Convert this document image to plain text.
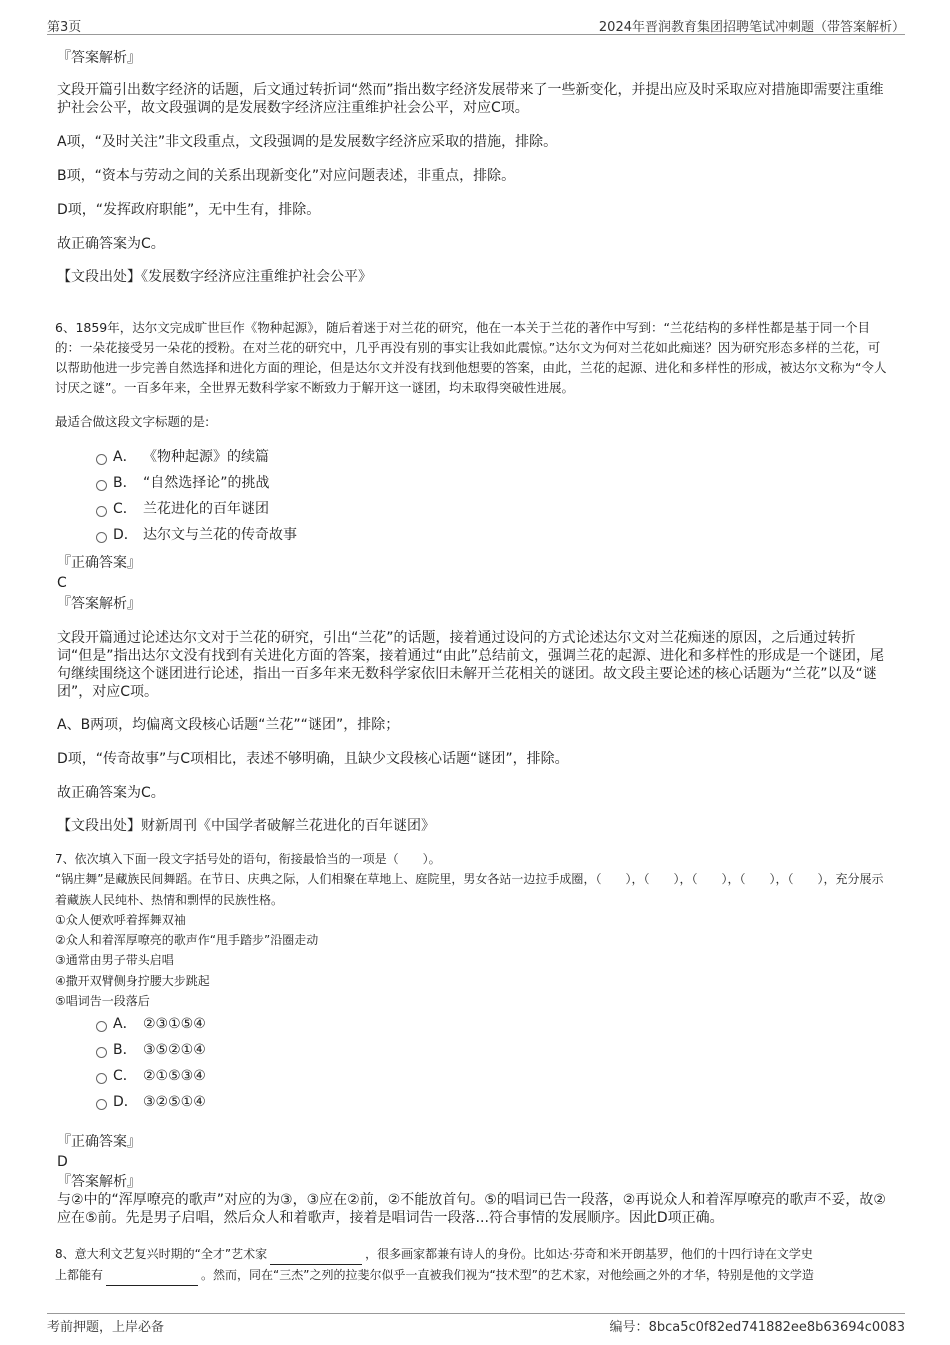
第3页	2024年晋润教育集团招聘笔试冲刺题（带答案解析）
『答案解析』
文段开篇引出数字经济的话题，后文通过转折词“然而”指出数字经济发展带来了一些新变化，并提出应及时采取应对措施即需要注重维护社会公平，故文段强调的是发展数字经济应注重维护社会公平，对应C项。
A项，“及时关注”非文段重点，文段强调的是发展数字经济应采取的措施，排除。
B项，“资本与劳动之间的关系出现新变化”对应问题表述，非重点，排除。
D项，“发挥政府职能”，无中生有，排除。
故正确答案为C。
【文段出处】《发展数字经济应注重维护社会公平》
6、1859年，达尔文完成旷世巨作《物种起源》，随后着迷于对兰花的研究，他在一本关于兰花的著作中写到：“兰花结构的多样性都是基于同一个目的：一朵花接受另一朵花的授粉。在对兰花的研究中，几乎再没有别的事实让我如此震惊。”达尔文为何对兰花如此痴迷？因为研究形态多样的兰花，可以帮助他进一步完善自然选择和进化方面的理论，但是达尔文并没有找到他想要的答案，由此，兰花的起源、进化和多样性的形成，被达尔文称为“令人讨厌之谜”。一百多年来，全世界无数科学家不断致力于解开这一谜团，均未取得突破性进展。
最适合做这段文字标题的是:
A． 《物种起源》的续篇
B． “自然选择论”的挑战
C． 兰花进化的百年谜团
D． 达尔文与兰花的传奇故事
『正确答案』
C
『答案解析』
文段开篇通过论述达尔文对于兰花的研究，引出“兰花”的话题，接着通过设问的方式论述达尔文对兰花痴迷的原因，之后通过转折词“但是”指出达尔文没有找到有关进化方面的答案，接着通过“由此”总结前文，强调兰花的起源、进化和多样性的形成是一个谜团，尾句继续围绕这个谜团进行论述，指出一百多年来无数科学家依旧未解开兰花相关的谜团。故文段主要论述的核心话题为“兰花”以及“谜团”，对应C项。
A、B两项，均偏离文段核心话题“兰花”“谜团”，排除；
D项，“传奇故事”与C项相比，表述不够明确，且缺少文段核心话题“谜团”，排除。
故正确答案为C。
【文段出处】财新周刊《中国学者破解兰花进化的百年谜团》
7、依次填入下面一段文字括号处的语句，衔接最恰当的一项是（　　）。
“锅庄舞”是藏族民间舞蹈。在节日、庆典之际，人们相聚在草地上、庭院里，男女各站一边拉手成圈，（　　），（　　），（　　），（　　），（　　），充分展示着藏族人民纯朴、热情和剽悍的民族性格。
①众人便欢呼着挥舞双袖
②众人和着浑厚嘹亮的歌声作“甩手踏步”沿圈走动
③通常由男子带头启唱
④撒开双臂侧身拧腰大步跳起
⑤唱词告一段落后
A． ②③①⑤④
B． ③⑤②①④
C． ②①⑤③④
D． ③②⑤①④
『正确答案』
D
『答案解析』
与②中的“浑厚嘹亮的歌声”对应的为③，③应在②前，②不能放首句。⑤的唱词已告一段落，②再说众人和着浑厚嘹亮的歌声不妥，故②应在⑤前。先是男子启唱，然后众人和着歌声，接着是唱词告一段落...符合事情的发展顺序。因此D项正确。
8、意大利文艺复兴时期的“全才”艺术家	，很多画家都兼有诗人的身份。比如达·芬奇和米开朗基罗，他们的十四行诗在文学史
上都能有	。然而，同在“三杰”之列的拉斐尔似乎一直被我们视为“技术型”的艺术家，对他绘画之外的才华，特别是他的文学造
考前押题，上岸必备	编号：8bca5c0f82ed741882ee8b63694c0083
